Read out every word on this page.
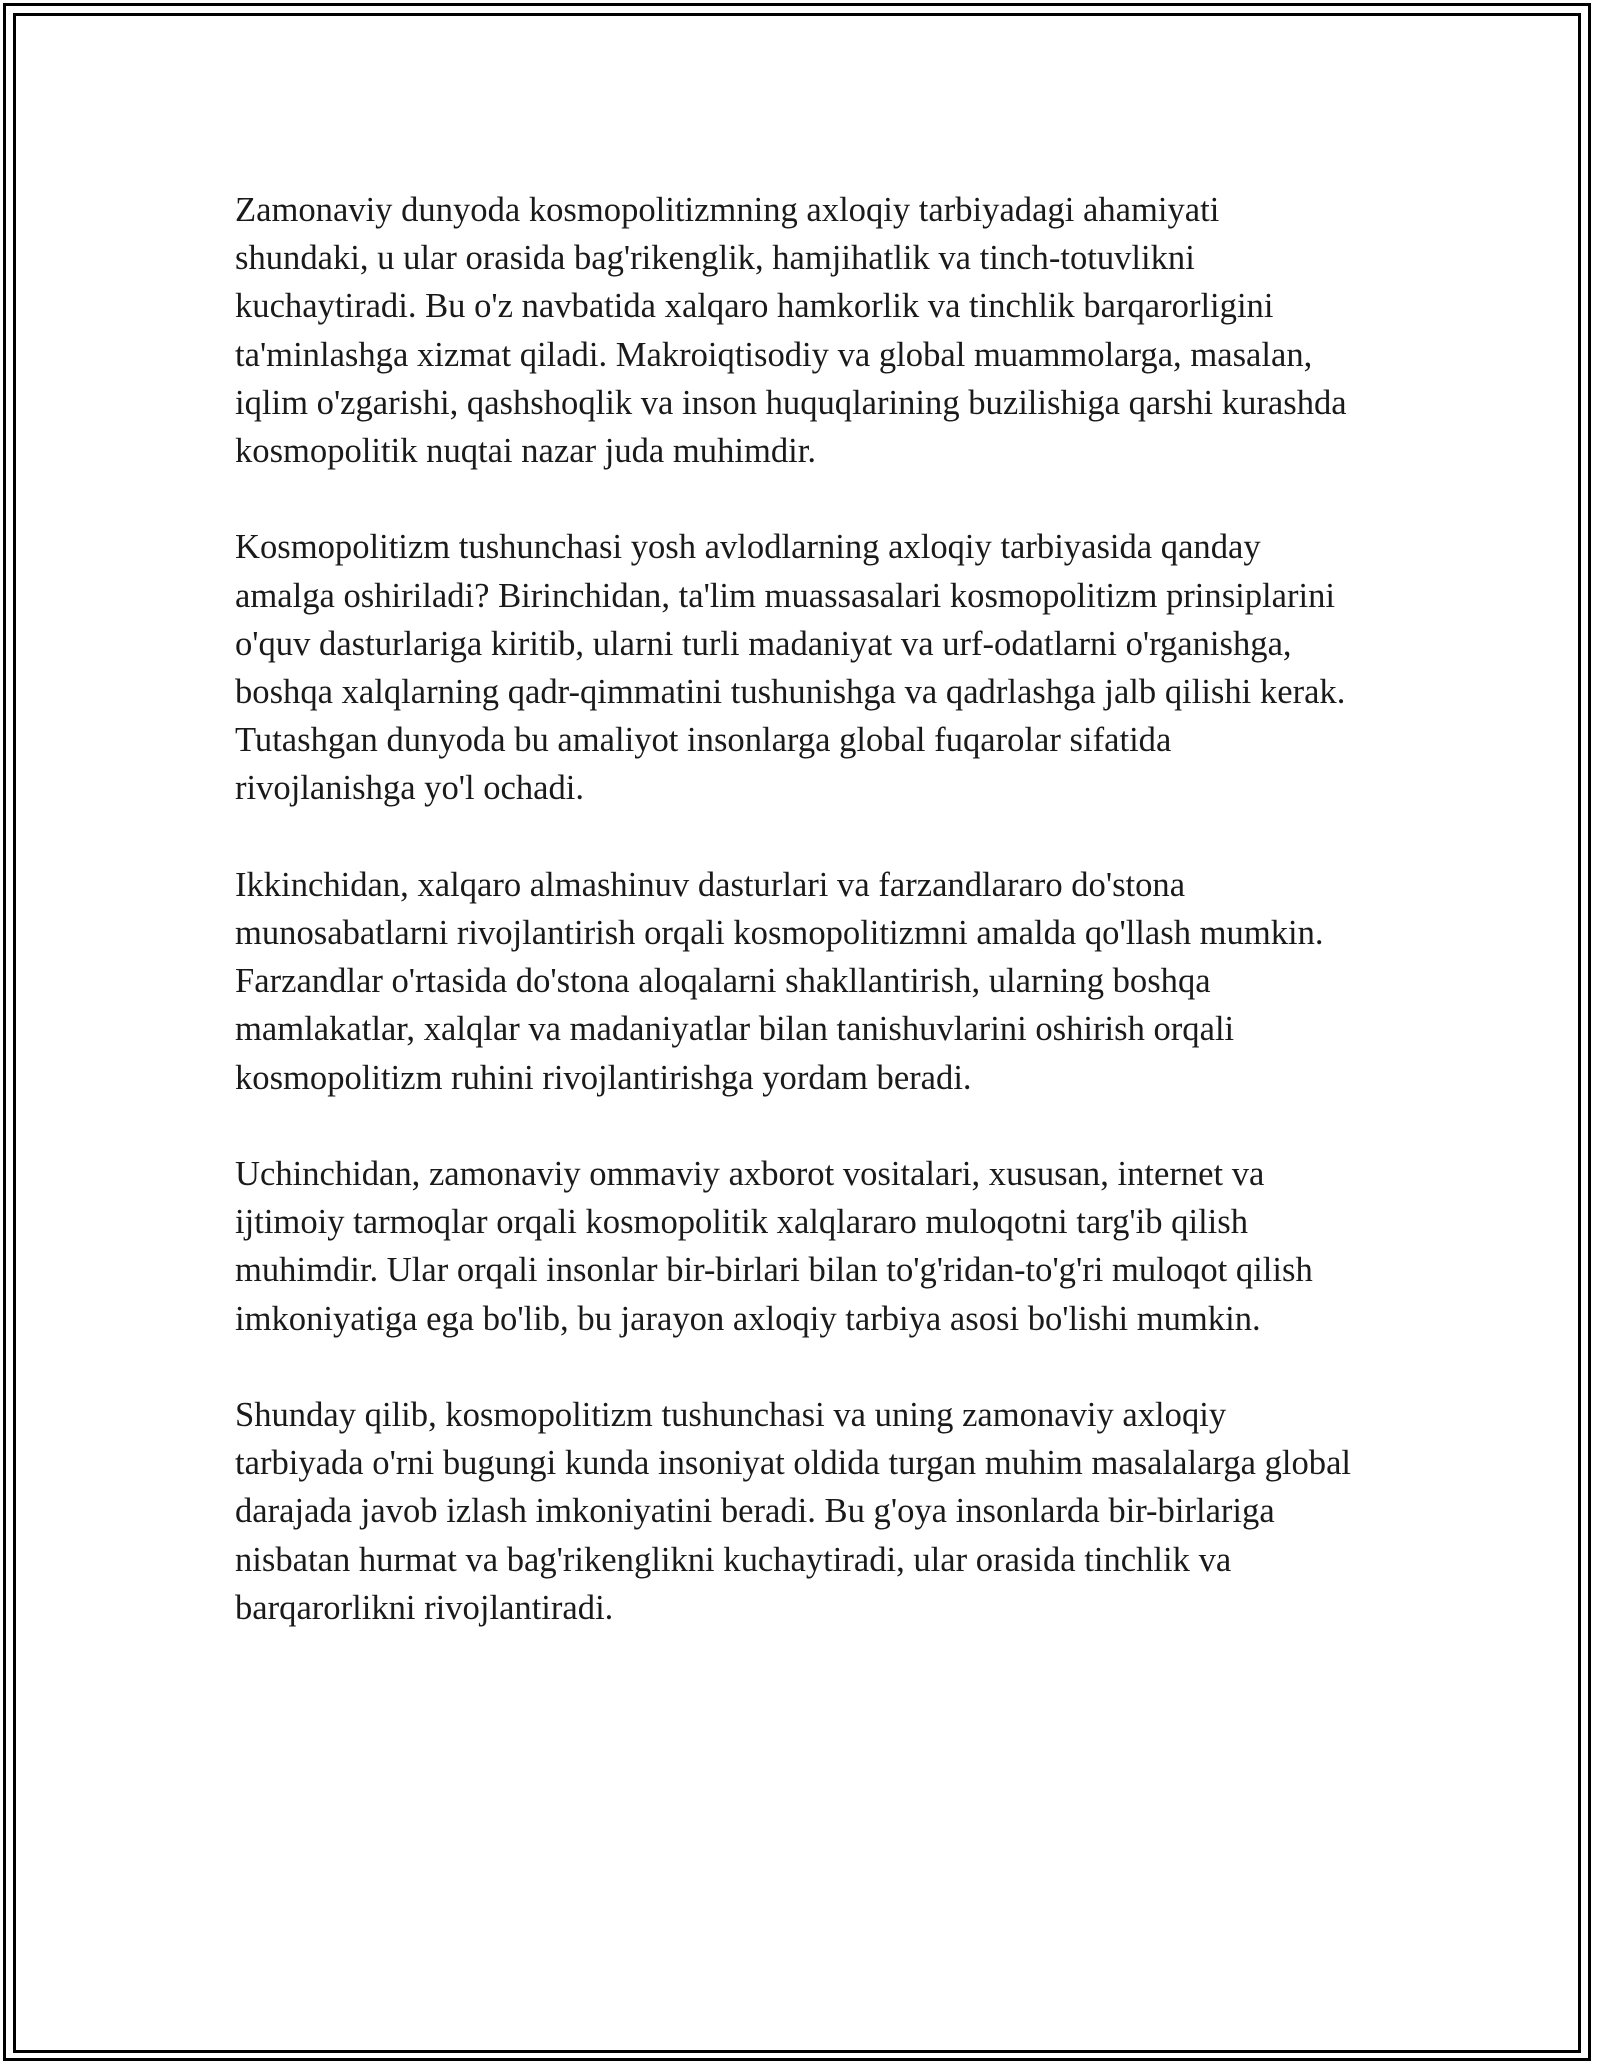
Zamonaviy dunyoda kosmopolitizmning axloqiy tarbiyadagi ahamiyati shundaki, u ular orasida bag'rikenglik, hamjihatlik va tinch-totuvlikni kuchaytiradi. Bu o'z navbatida xalqaro hamkorlik va tinchlik barqarorligini ta'minlashga xizmat qiladi. Makroiqtisodiy va global muammolarga, masalan, iqlim o'zgarishi, qashshoqlik va inson huquqlarining buzilishiga qarshi kurashda kosmopolitik nuqtai nazar juda muhimdir.

Kosmopolitizm tushunchasi yosh avlodlarning axloqiy tarbiyasida qanday amalga oshiriladi? Birinchidan, ta'lim muassasalari kosmopolitizm prinsiplarini o'quv dasturlariga kiritib, ularni turli madaniyat va urf-odatlarni o'rganishga, boshqa xalqlarning qadr-qimmatini tushunishga va qadrlashga jalb qilishi kerak. Tutashgan dunyoda bu amaliyot insonlarga global fuqarolar sifatida rivojlanishga yo'l ochadi.

Ikkinchidan, xalqaro almashinuv dasturlari va farzandlararo do'stona munosabatlarni rivojlantirish orqali kosmopolitizmni amalda qo'llash mumkin. Farzandlar o'rtasida do'stona aloqalarni shakllantirish, ularning boshqa mamlakatlar, xalqlar va madaniyatlar bilan tanishuvlarini oshirish orqali kosmopolitizm ruhini rivojlantirishga yordam beradi.

Uchinchidan, zamonaviy ommaviy axborot vositalari, xususan, internet va ijtimoiy tarmoqlar orqali kosmopolitik xalqlararo muloqotni targ'ib qilish muhimdir. Ular orqali insonlar bir-birlari bilan to'g'ridan-to'g'ri muloqot qilish imkoniyatiga ega bo'lib, bu jarayon axloqiy tarbiya asosi bo'lishi mumkin.

Shunday qilib, kosmopolitizm tushunchasi va uning zamonaviy axloqiy tarbiyada o'rni bugungi kunda insoniyat oldida turgan muhim masalalarga global darajada javob izlash imkoniyatini beradi. Bu g'oya insonlarda bir-birlariga nisbatan hurmat va bag'rikenglikni kuchaytiradi, ular orasida tinchlik va barqarorlikni rivojlantiradi.
